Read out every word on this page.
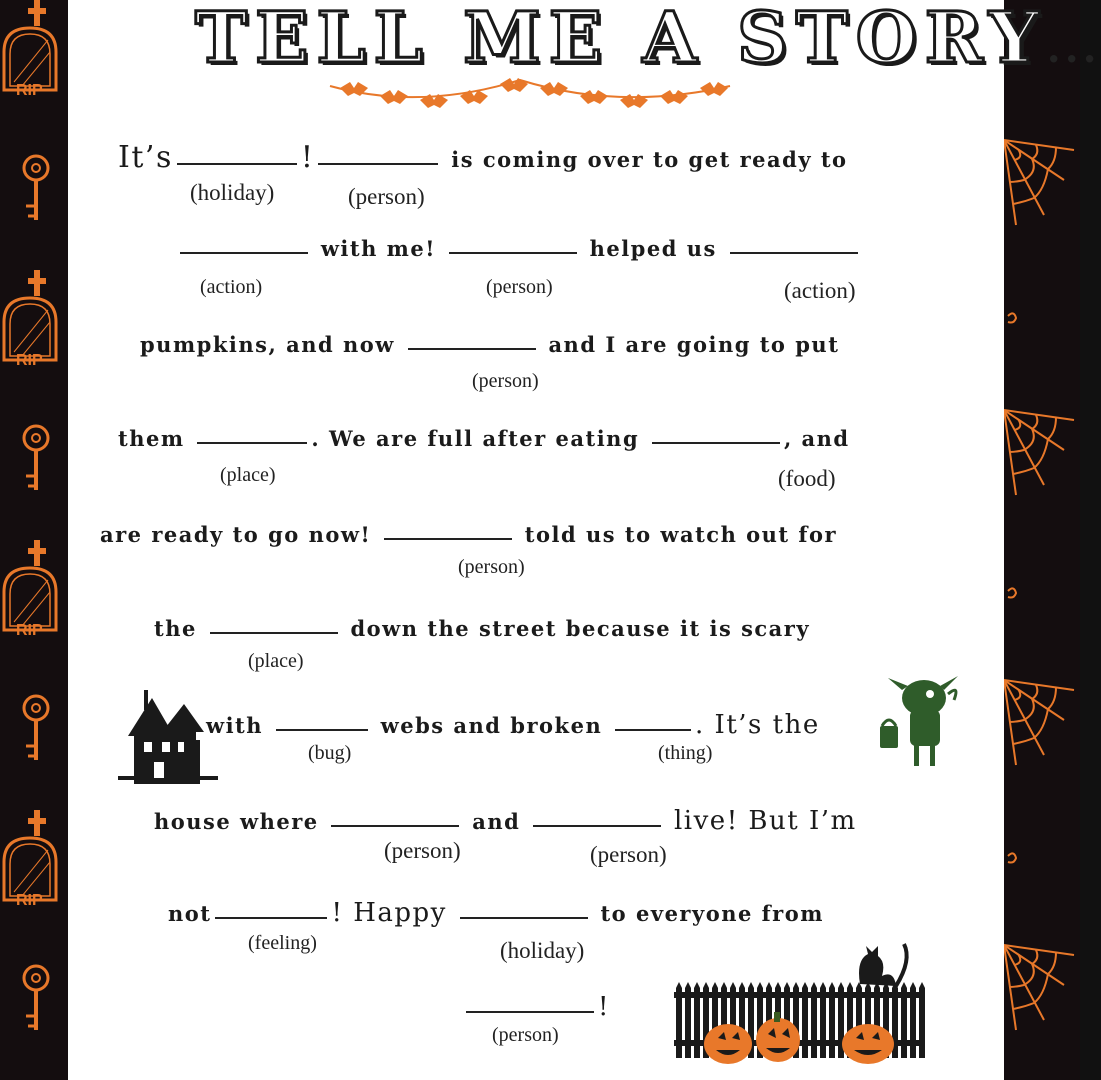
RIP
RIP
RIP
RIP
TELL ME A STORY...
It’s	!	is coming over to get ready to
(holiday)	(person)
with me!	helped us
(action)	(person)	(action)
pumpkins, and now	and I are going to put
(person)
them	. We are full after eating	, and
(place)	(food)
are ready to go now!	told us to watch out for
(person)
the	down the street because it is scary
(place)
with	webs and broken	. It’s the
(bug)	(thing)
house where	and	live! But I’m
(person)	(person)
not	! Happy	to everyone from
(feeling)	(holiday)
!
(person)
